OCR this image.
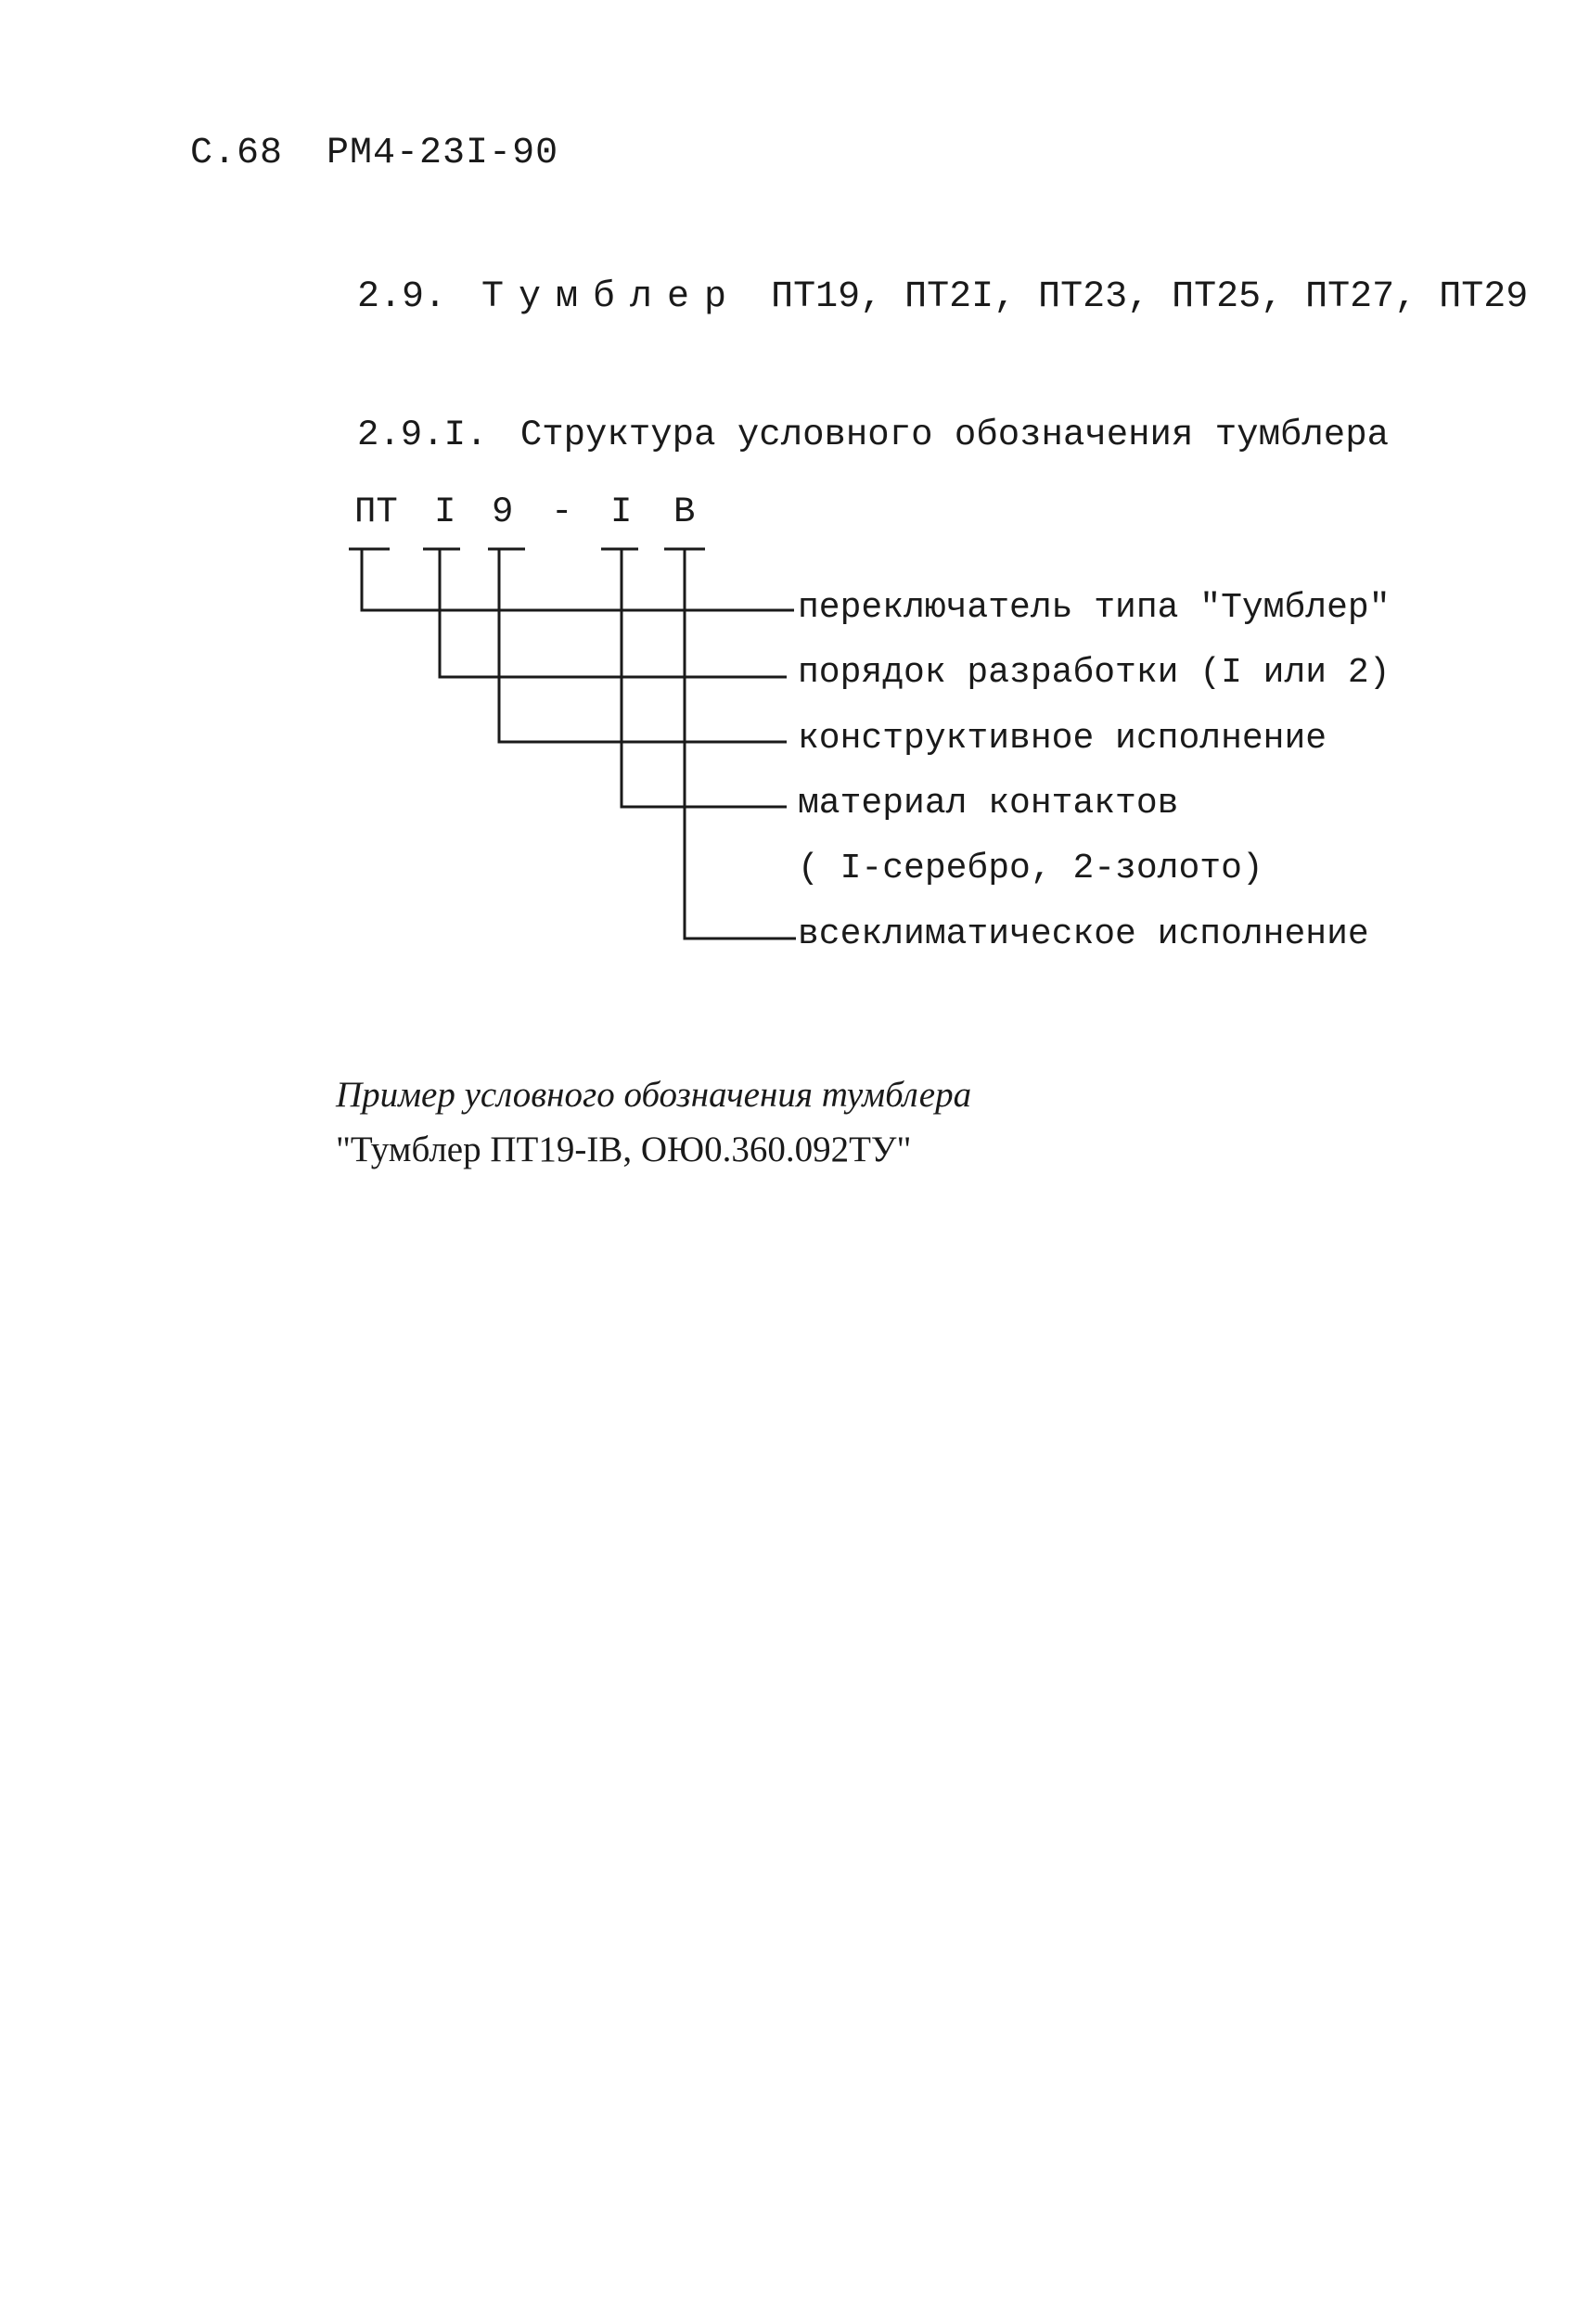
С.68 РМ4-23I-90
2.9. Тумблер ПТ19, ПТ2I, ПТ23, ПТ25, ПТ27, ПТ29
2.9.I. Структура условного обозначения тумблера
ПТ I 9 - I В
переключатель типа "Тумблер"
порядок разработки (I или 2)
конструктивное исполнение
материал контактов
( I-серебро, 2-золото)
всеклиматическое исполнение
Пример условного обозначения тумблера
"Тумблер ПТ19-IВ, ОЮ0.360.092ТУ"
